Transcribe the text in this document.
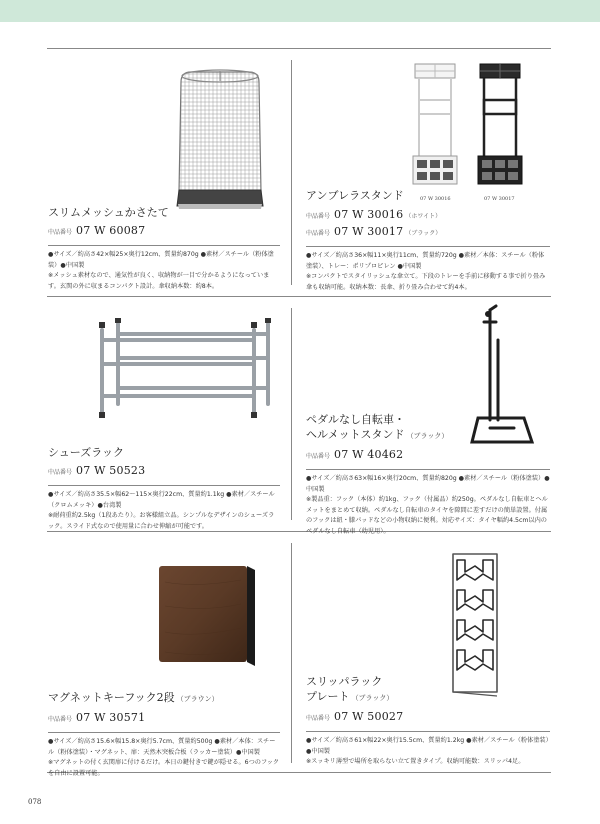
スリムメッシュかさたて
中品番号 07 W 60087

●サイズ／約高さ42×幅25×奥行12cm、質量約870g ●素材／スチール（粉体塗装）●中国製

※メッシュ素材なので、通気性が良く、収納物が一目で分かるようになっています。玄関の外に収まるコンパクト設計。傘収納本数：約8本。

07 W 30016	07 W 30017
アンブレラスタンド
中品番号 07 W 30016 （ホワイト）
中品番号 07 W 30017 （ブラック）

●サイズ／約高さ36×幅11×奥行11cm、質量約720g ●素材／本体：スチール（粉体塗装）、トレー：ポリプロピレン ●中国製

※コンパクトでスタイリッシュな傘立て。下段のトレーを手前に移動する事で折り畳み傘も収納可能。収納本数：長傘、折り畳み合わせて約4本。

シューズラック
中品番号 07 W 50523

●サイズ／約高さ35.5×幅62〜115×奥行22cm、質量約1.1kg ●素材／スチール（クロムメッキ）●台湾製

※耐荷重約2.5kg（1段あたり）。お客様組立品。シンプルなデザインのシューズラック。スライド式なので使用量に合わせ伸縮が可能です。

ペダルなし自転車・
ヘルメットスタンド （ブラック）
中品番号 07 W 40462

●サイズ／約高さ63×幅16×奥行20cm、質量約820g ●素材／スチール（粉体塗装）●中国製

※製品重：フック（本体）約1kg、フック（付属品）約250g。ペダルなし自転車とヘルメットをまとめて収納。ペダルなし自転車のタイヤを隙間に差すだけの簡単設置。付属のフックは紐・膝パッドなどの小物収納に便利。対応サイズ：タイヤ幅約4.5cm以内のペダルなし自転車（幼児用）。

マグネットキーフック2段 （ブラウン）
中品番号 07 W 30571

●サイズ／約高さ15.6×幅15.8×奥行5.7cm、質量約500g ●素材／本体：スチール（粉体塗装）・マグネット、扉：天然木突板合板（ラッカー塗装）●中国製

※マグネットの付く玄関扉に付けるだけ。本日の鍵付きで鍵が隠せる。6つのフックを自由に設置可能。

スリッパラック
プレート （ブラック）
中品番号 07 W 50027

●サイズ／約高さ61×幅22×奥行15.5cm、質量約1.2kg ●素材／スチール（粉体塗装）●中国製

※スッキリ薄型で場所を取らない立て置きタイプ。収納可能数：スリッパ4足。

078
